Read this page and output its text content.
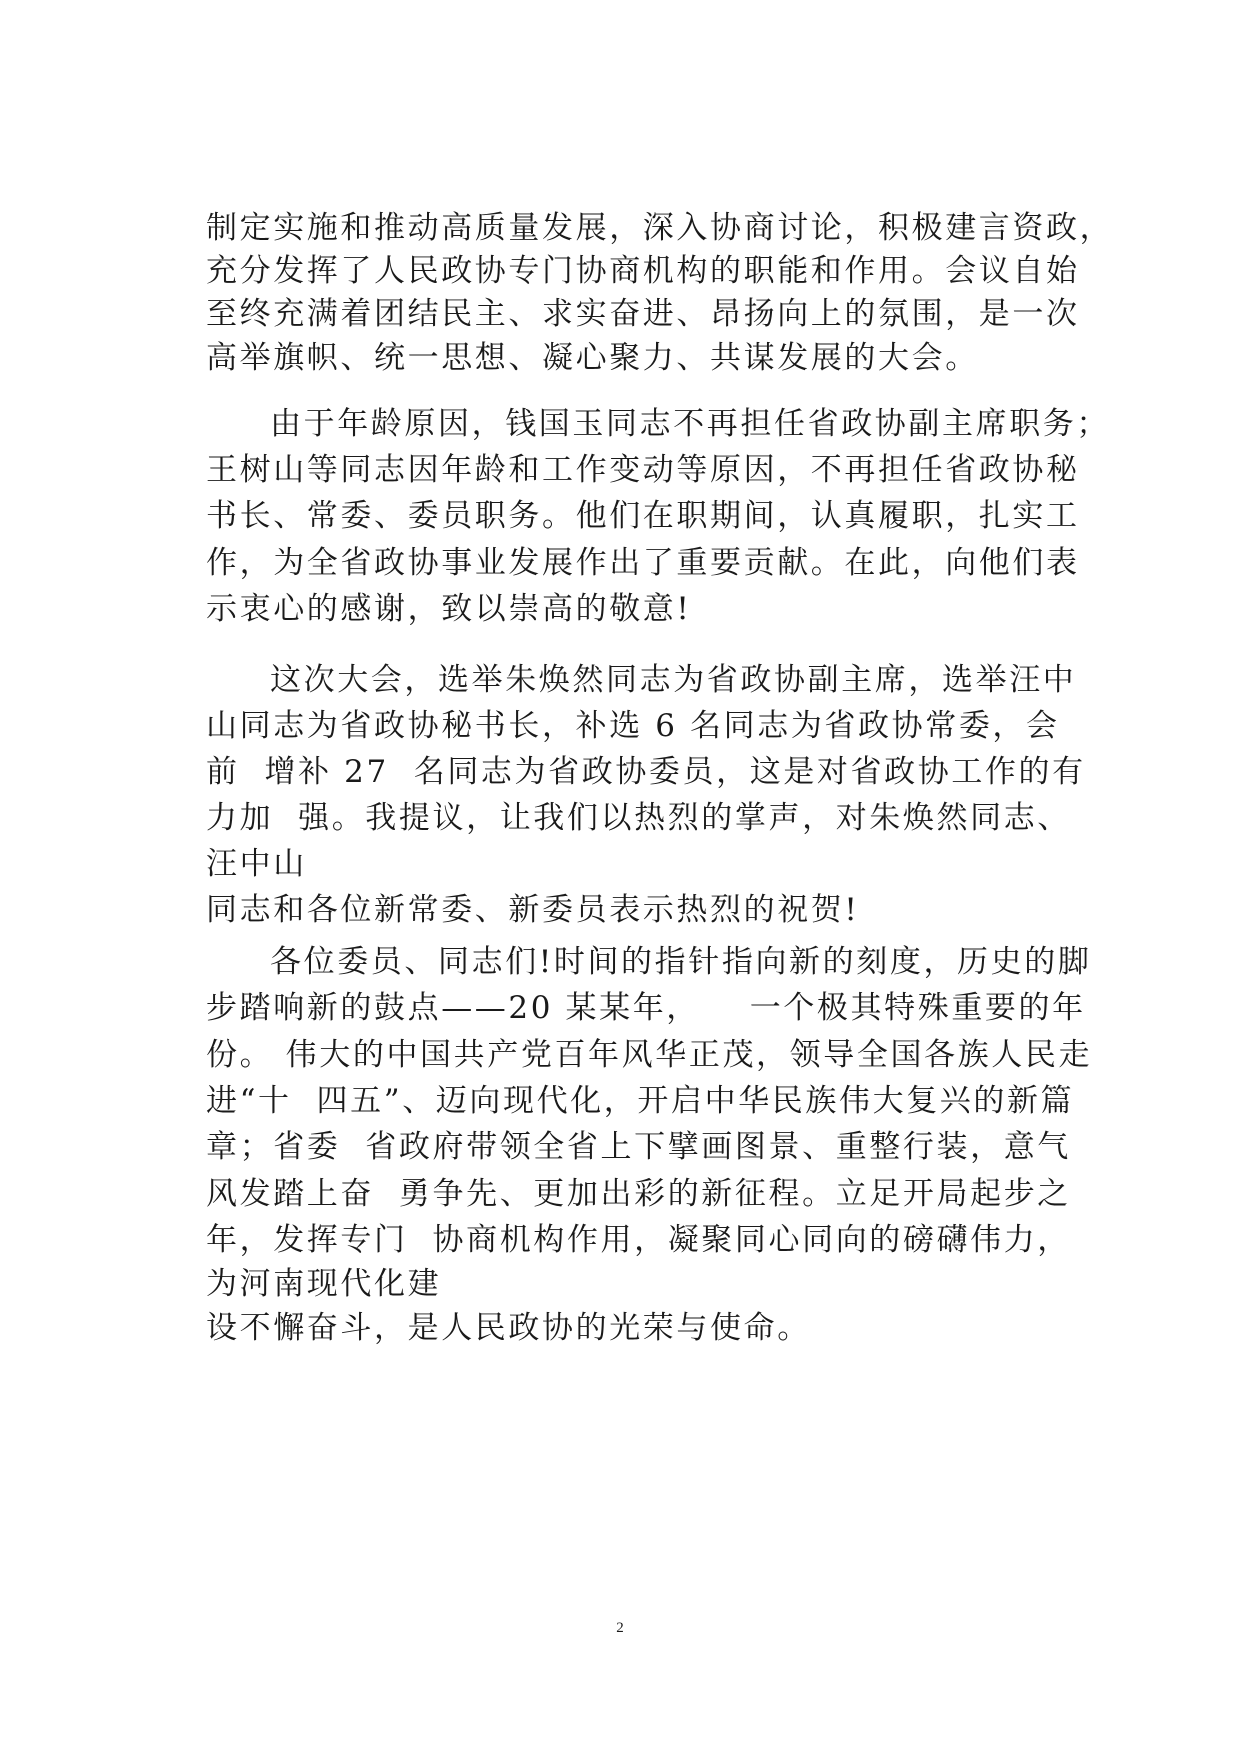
制定实施和推动高质量发展，深入协商讨论，积极建言资政，
充分发挥了人民政协专门协商机构的职能和作用。会议自始
至终充满着团结民主、求实奋进、昂扬向上的氛围，是一次
高举旗帜、统一思想、凝心聚力、共谋发展的大会。
由于年龄原因，钱国玉同志不再担任省政协副主席职务；
王树山等同志因年龄和工作变动等原因，不再担任省政协秘
书长、常委、委员职务。他们在职期间，认真履职，扎实工
作，为全省政协事业发展作出了重要贡献。在此，向他们表
示衷心的感谢，致以崇高的敬意!
这次大会，选举朱焕然同志为省政协副主席，选举汪中
山同志为省政协秘书长，补选 6 名同志为省政协常委，会
前  增补 27  名同志为省政协委员，这是对省政协工作的有
力加  强。我提议，让我们以热烈的掌声，对朱焕然同志、
汪中山
同志和各位新常委、新委员表示热烈的祝贺!
各位委员、同志们!时间的指针指向新的刻度，历史的脚
步踏响新的鼓点——20 某某年，    一个极其特殊重要的年
份。 伟大的中国共产党百年风华正茂，领导全国各族人民走
进“十  四五”、迈向现代化，开启中华民族伟大复兴的新篇
章；省委  省政府带领全省上下擘画图景、重整行装，意气
风发踏上奋  勇争先、更加出彩的新征程。立足开局起步之
年，发挥专门  协商机构作用，凝聚同心同向的磅礴伟力，
为河南现代化建
设不懈奋斗，是人民政协的光荣与使命。
2
